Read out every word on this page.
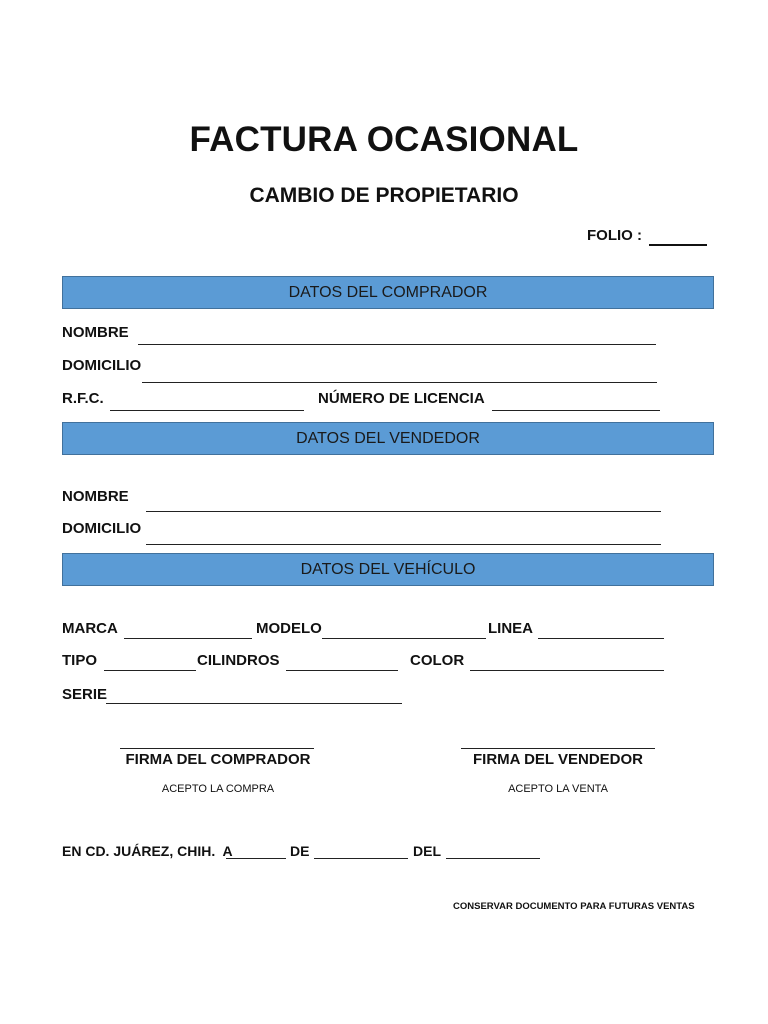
FACTURA OCASIONAL
CAMBIO DE PROPIETARIO
FOLIO :
DATOS DEL COMPRADOR
NOMBRE
DOMICILIO
R.F.C.	NÚMERO DE LICENCIA
DATOS DEL VENDEDOR
NOMBRE
DOMICILIO
DATOS DEL VEHÍCULO
MARCA	MODELO	LINEA
TIPO	CILINDROS	COLOR
SERIE
FIRMA DEL COMPRADOR
ACEPTO LA COMPRA
FIRMA DEL VENDEDOR
ACEPTO LA VENTA
EN CD. JUÁREZ, CHIH.  A	DE	DEL
CONSERVAR DOCUMENTO PARA FUTURAS VENTAS
